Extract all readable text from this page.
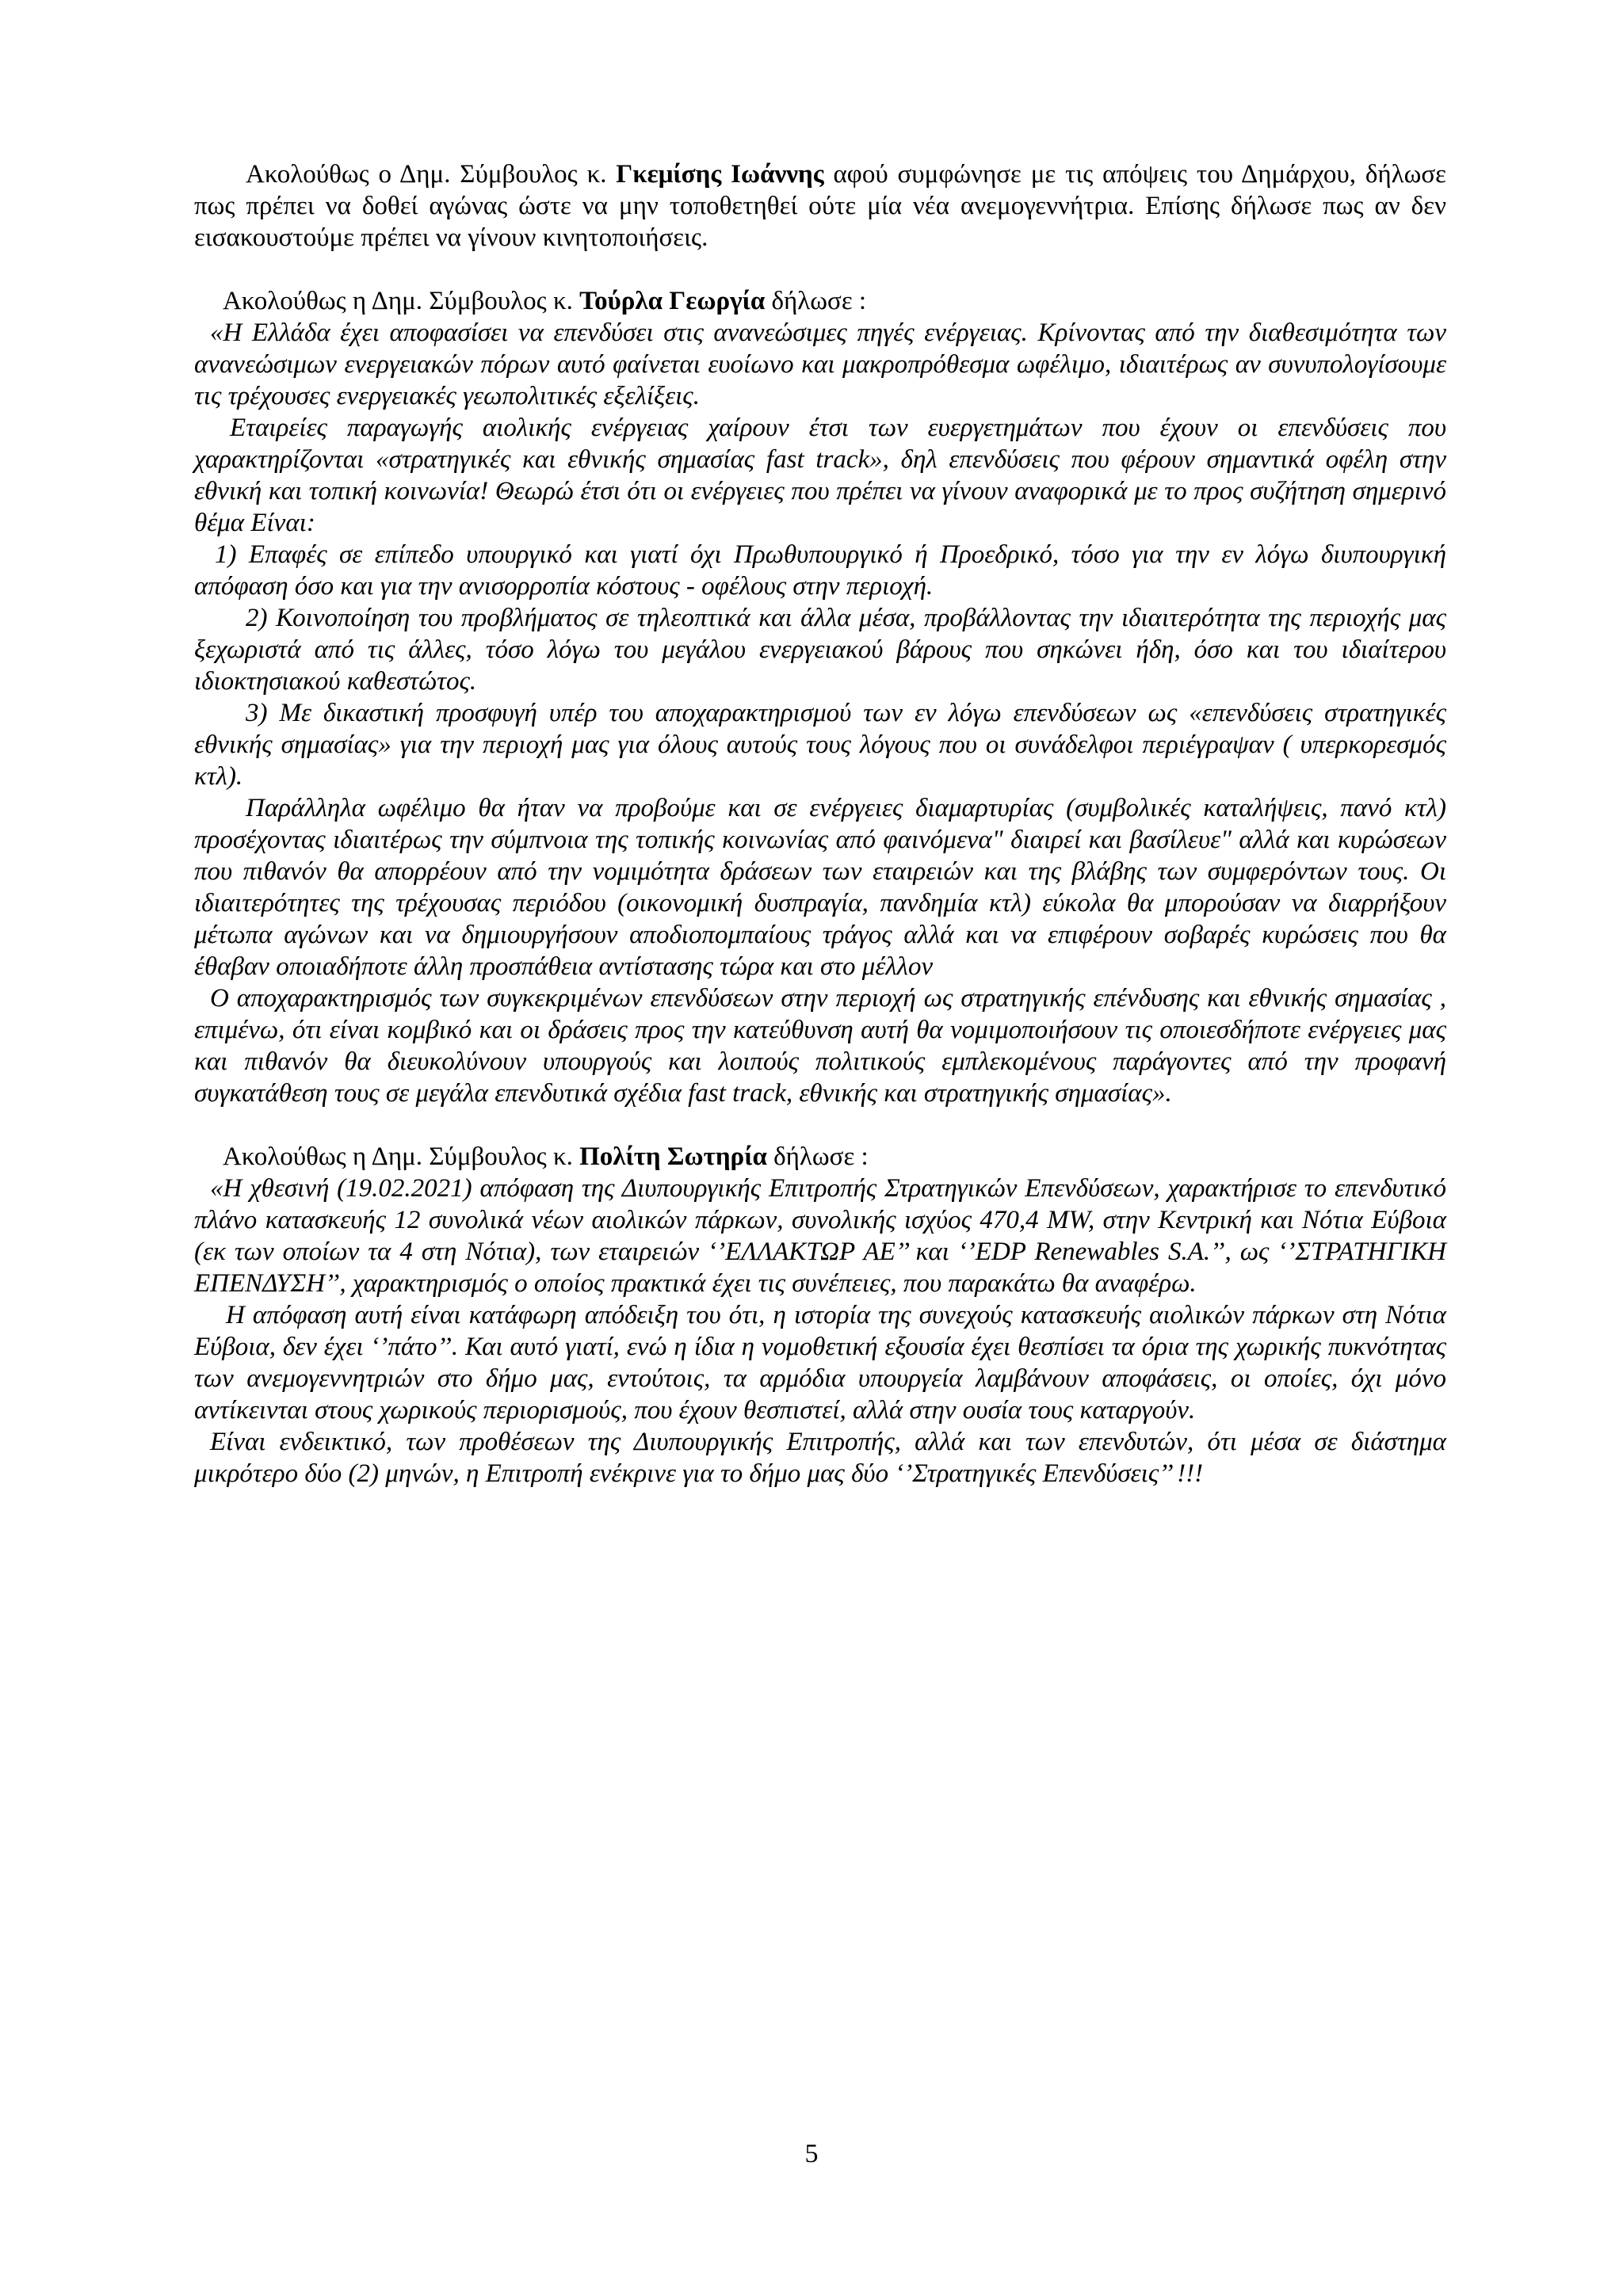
Ακολούθως ο Δημ. Σύμβουλος κ. Γκεμίσης Ιωάννης αφού συμφώνησε με τις απόψεις του Δημάρχου, δήλωσε πως πρέπει να δοθεί αγώνας ώστε να μην τοποθετηθεί ούτε μία νέα ανεμογεννήτρια. Επίσης δήλωσε πως αν δεν εισακουστούμε πρέπει να γίνουν κινητοποιήσεις.

Ακολούθως η Δημ. Σύμβουλος κ. Τούρλα Γεωργία δήλωσε :

«Η Ελλάδα έχει αποφασίσει να επενδύσει στις ανανεώσιμες πηγές ενέργειας. Κρίνοντας από την διαθεσιμότητα των ανανεώσιμων ενεργειακών πόρων αυτό φαίνεται ευοίωνο και μακροπρόθεσμα ωφέλιμο, ιδιαιτέρως αν συνυπολογίσουμε τις τρέχουσες ενεργειακές γεωπολιτικές εξελίξεις.

Εταιρείες παραγωγής αιολικής ενέργειας χαίρουν έτσι των ευεργετημάτων που έχουν οι επενδύσεις που χαρακτηρίζονται «στρατηγικές και εθνικής σημασίας fast track», δηλ επενδύσεις που φέρουν σημαντικά οφέλη στην εθνική και τοπική κοινωνία! Θεωρώ έτσι ότι οι ενέργειες που πρέπει να γίνουν αναφορικά με το προς συζήτηση σημερινό θέμα Είναι:

1) Επαφές σε επίπεδο υπουργικό και γιατί όχι Πρωθυπουργικό ή Προεδρικό, τόσο για την εν λόγω διυπουργική απόφαση όσο και για την ανισορροπία κόστους - οφέλους στην περιοχή.

2) Κοινοποίηση του προβλήματος σε τηλεοπτικά και άλλα μέσα, προβάλλοντας την ιδιαιτερότητα της περιοχής μας ξεχωριστά από τις άλλες, τόσο λόγω του μεγάλου ενεργειακού βάρους που σηκώνει ήδη, όσο και του ιδιαίτερου ιδιοκτησιακού καθεστώτος.

3) Με δικαστική προσφυγή υπέρ του αποχαρακτηρισμού των εν λόγω επενδύσεων ως «επενδύσεις στρατηγικές εθνικής σημασίας» για την περιοχή μας για όλους αυτούς τους λόγους που οι συνάδελφοι περιέγραψαν ( υπερκορεσμός κτλ).

Παράλληλα ωφέλιμο θα ήταν να προβούμε και σε ενέργειες διαμαρτυρίας (συμβολικές καταλήψεις, πανό κτλ) προσέχοντας ιδιαιτέρως την σύμπνοια της τοπικής κοινωνίας από φαινόμενα" διαιρεί και βασίλευε" αλλά και κυρώσεων που πιθανόν θα απορρέουν από την νομιμότητα δράσεων των εταιρειών και της βλάβης των συμφερόντων τους. Οι ιδιαιτερότητες της τρέχουσας περιόδου (οικονομική δυσπραγία, πανδημία κτλ) εύκολα θα μπορούσαν να διαρρήξουν μέτωπα αγώνων και να δημιουργήσουν αποδιοπομπαίους τράγος αλλά και να επιφέρουν σοβαρές κυρώσεις που θα έθαβαν οποιαδήποτε άλλη προσπάθεια αντίστασης τώρα και στο μέλλον

Ο αποχαρακτηρισμός των συγκεκριμένων επενδύσεων στην περιοχή ως στρατηγικής επένδυσης και εθνικής σημασίας , επιμένω, ότι είναι κομβικό και οι δράσεις προς την κατεύθυνση αυτή θα νομιμοποιήσουν τις οποιεσδήποτε ενέργειες μας και πιθανόν θα διευκολύνουν υπουργούς και λοιπούς πολιτικούς εμπλεκομένους παράγοντες από την προφανή συγκατάθεση τους σε μεγάλα επενδυτικά σχέδια fast track, εθνικής και στρατηγικής σημασίας».

Ακολούθως η Δημ. Σύμβουλος κ. Πολίτη Σωτηρία δήλωσε :

«Η χθεσινή (19.02.2021) απόφαση της Διυπουργικής Επιτροπής Στρατηγικών Επενδύσεων, χαρακτήρισε το επενδυτικό πλάνο κατασκευής 12 συνολικά νέων αιολικών πάρκων, συνολικής ισχύος 470,4 MW, στην Κεντρική και Νότια Εύβοια (εκ των οποίων τα 4 στη Νότια), των εταιρειών ‘’ΕΛΛΑΚΤΩΡ ΑΕ’’ και ‘’EDP Renewables S.A.’’, ως ‘’ΣΤΡΑΤΗΓΙΚΗ ΕΠΕΝΔΥΣΗ’’, χαρακτηρισμός ο οποίος πρακτικά έχει τις συνέπειες, που παρακάτω θα αναφέρω.

Η απόφαση αυτή είναι κατάφωρη απόδειξη του ότι, η ιστορία της συνεχούς κατασκευής αιολικών πάρκων στη Νότια Εύβοια, δεν έχει ‘’πάτο’’. Και αυτό γιατί, ενώ η ίδια η νομοθετική εξουσία έχει θεσπίσει τα όρια της χωρικής πυκνότητας των ανεμογεννητριών στο δήμο μας, εντούτοις, τα αρμόδια υπουργεία λαμβάνουν αποφάσεις, οι οποίες, όχι μόνο αντίκεινται στους χωρικούς περιορισμούς, που έχουν θεσπιστεί, αλλά στην ουσία τους καταργούν.

Είναι ενδεικτικό, των προθέσεων της Διυπουργικής Επιτροπής, αλλά και των επενδυτών, ότι μέσα σε διάστημα μικρότερο δύο (2) μηνών, η Επιτροπή ενέκρινε για το δήμο μας δύο ‘’Στρατηγικές Επενδύσεις’’ !!!

5
